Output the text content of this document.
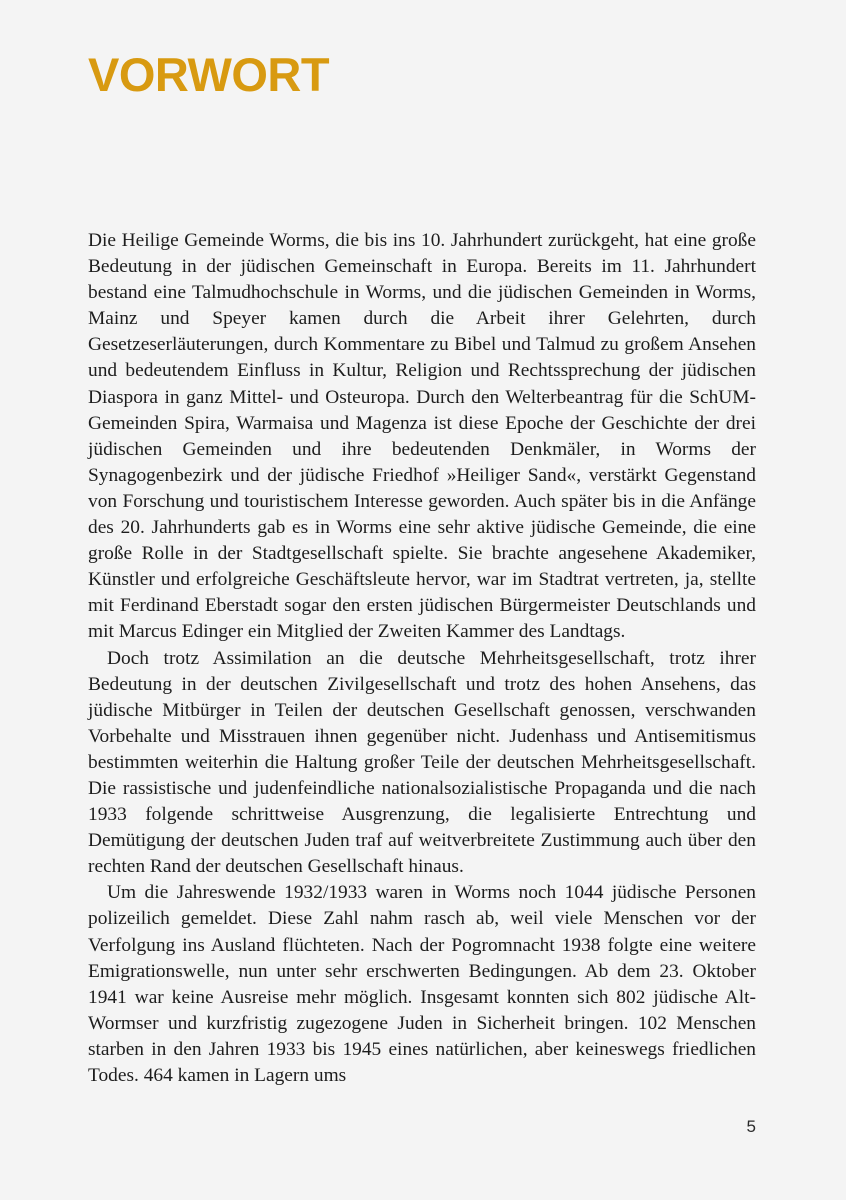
VORWORT

Die Heilige Gemeinde Worms, die bis ins 10. Jahrhundert zurückgeht, hat eine große Bedeutung in der jüdischen Gemeinschaft in Europa. Bereits im 11. Jahrhundert bestand eine Talmudhochschule in Worms, und die jüdischen Gemeinden in Worms, Mainz und Speyer kamen durch die Arbeit ihrer Gelehrten, durch Gesetzeserläuterungen, durch Kommentare zu Bibel und Talmud zu großem Ansehen und bedeutendem Einfluss in Kultur, Religion und Rechtssprechung der jüdischen Diaspora in ganz Mittel- und Osteuropa. Durch den Welterbeantrag für die SchUM-Gemeinden Spira, Warmaisa und Magenza ist diese Epoche der Geschichte der drei jüdischen Gemeinden und ihre bedeutenden Denkmäler, in Worms der Synagogenbezirk und der jüdische Friedhof »Heiliger Sand«, verstärkt Gegenstand von Forschung und touristischem Interesse geworden. Auch später bis in die Anfänge des 20. Jahrhunderts gab es in Worms eine sehr aktive jüdische Gemeinde, die eine große Rolle in der Stadtgesellschaft spielte. Sie brachte angesehene Akademiker, Künstler und erfolgreiche Geschäftsleute hervor, war im Stadtrat vertreten, ja, stellte mit Ferdinand Eberstadt sogar den ersten jüdischen Bürgermeister Deutschlands und mit Marcus Edinger ein Mitglied der Zweiten Kammer des Landtags.

Doch trotz Assimilation an die deutsche Mehrheitsgesellschaft, trotz ihrer Bedeutung in der deutschen Zivilgesellschaft und trotz des hohen Ansehens, das jüdische Mitbürger in Teilen der deutschen Gesellschaft genossen, verschwanden Vorbehalte und Misstrauen ihnen gegenüber nicht. Judenhass und Antisemitismus bestimmten weiterhin die Haltung großer Teile der deutschen Mehrheitsgesellschaft. Die rassistische und judenfeindliche nationalsozialistische Propaganda und die nach 1933 folgende schrittweise Ausgrenzung, die legalisierte Entrechtung und Demütigung der deutschen Juden traf auf weitverbreitete Zustimmung auch über den rechten Rand der deutschen Gesellschaft hinaus.

Um die Jahreswende 1932/1933 waren in Worms noch 1044 jüdische Personen polizeilich gemeldet. Diese Zahl nahm rasch ab, weil viele Menschen vor der Verfolgung ins Ausland flüchteten. Nach der Pogromnacht 1938 folgte eine weitere Emigrationswelle, nun unter sehr erschwerten Bedingungen. Ab dem 23. Oktober 1941 war keine Ausreise mehr möglich. Insgesamt konnten sich 802 jüdische Alt-Wormser und kurzfristig zugezogene Juden in Sicherheit bringen. 102 Menschen starben in den Jahren 1933 bis 1945 eines natürlichen, aber keineswegs friedlichen Todes. 464 kamen in Lagern ums

5
